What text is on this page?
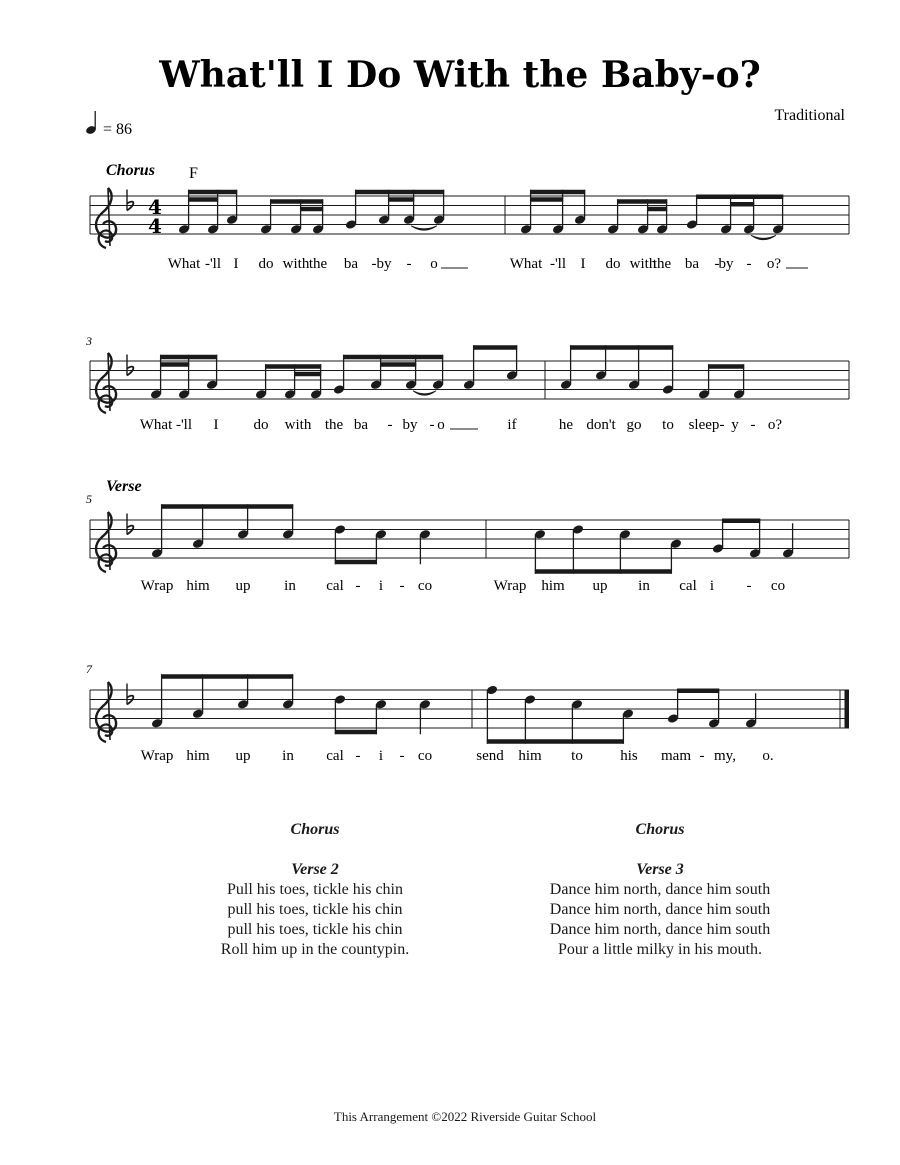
What'll I Do With the Baby-o?
Traditional
= 86
Chorus F
Verse
3
5
7
4
4
What -'ll I do with the ba - by - o	What -'ll I do with
the ba - by - o?
What -'ll I do with the ba - by - o	if	he don't go to sleep - y - o?
Wrap him up in cal - i - co	Wrap him up in cal i - co
Wrap him up in cal - i - co	send him to his mam - my, o.
Chorus
Verse 2
Pull his toes, tickle his chin
pull his toes, tickle his chin
pull his toes, tickle his chin
Roll him up in the countypin.
Chorus
Verse 3
Dance him north, dance him south
Dance him north, dance him south
Dance him north, dance him south
Pour a little milky in his mouth.
This Arrangement ©2022 Riverside Guitar School
